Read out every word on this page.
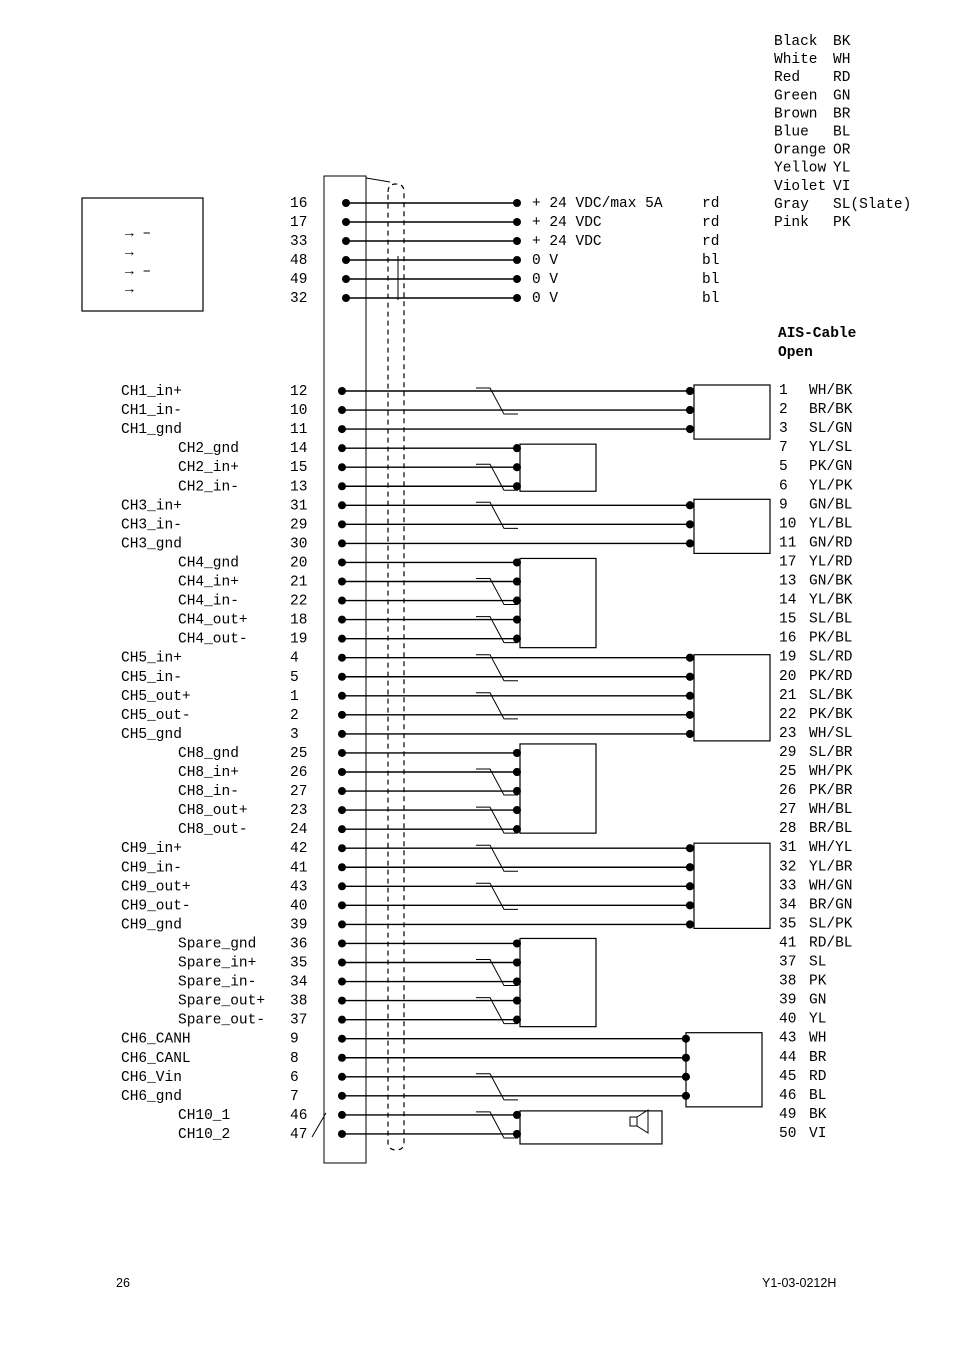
→ –
→
→ –
→
16	+ 24 VDC/max 5A	rd
17	+ 24 VDC	rd
33	+ 24 VDC	rd
48	0 V	bl
49	0 V	bl
32	0 V	bl
CH1_in+	12
CH1_in-	10
CH1_gnd	11
CH2_gnd	14
CH2_in+	15
CH2_in-	13
CH3_in+	31
CH3_in-	29
CH3_gnd	30
CH4_gnd	20
CH4_in+	21
CH4_in-	22
CH4_out+	18
CH4_out-	19
CH5_in+	4
CH5_in-	5
CH5_out+	1
CH5_out-	2
CH5_gnd	3
CH8_gnd	25
CH8_in+	26
CH8_in-	27
CH8_out+	23
CH8_out-	24
CH9_in+	42
CH9_in-	41
CH9_out+	43
CH9_out-	40
CH9_gnd	39
Spare_gnd 36
Spare_in+ 35
Spare_in- 34
Spare_out+ 38
Spare_out- 37
CH6_CANH	9
CH6_CANL	8
CH6_Vin	6
CH6_gnd	7
CH10_1	46
CH10_2	47
Black BK
White WH
Red RD
Green GN
Brown BR
Blue BL
Orange OR
Yellow YL
Violet VI
Gray SL(Slate)
Pink PK
AIS-Cable
Open
1 WH/BK
2 BR/BK
3 SL/GN
7 YL/SL
5 PK/GN
6 YL/PK
9 GN/BL
10 YL/BL
11 GN/RD
17 YL/RD
13 GN/BK
14 YL/BK
15 SL/BL
16 PK/BL
19 SL/RD
20 PK/RD
21 SL/BK
22 PK/BK
23 WH/SL
29 SL/BR
25 WH/PK
26 PK/BR
27 WH/BL
28 BR/BL
31 WH/YL
32 YL/BR
33 WH/GN
34 BR/GN
35 SL/PK
41 RD/BL
37 SL
38 PK
39 GN
40 YL
43 WH
44 BR
45 RD
46 BL
49 BK
50 VI
26	Y1-03-0212H
